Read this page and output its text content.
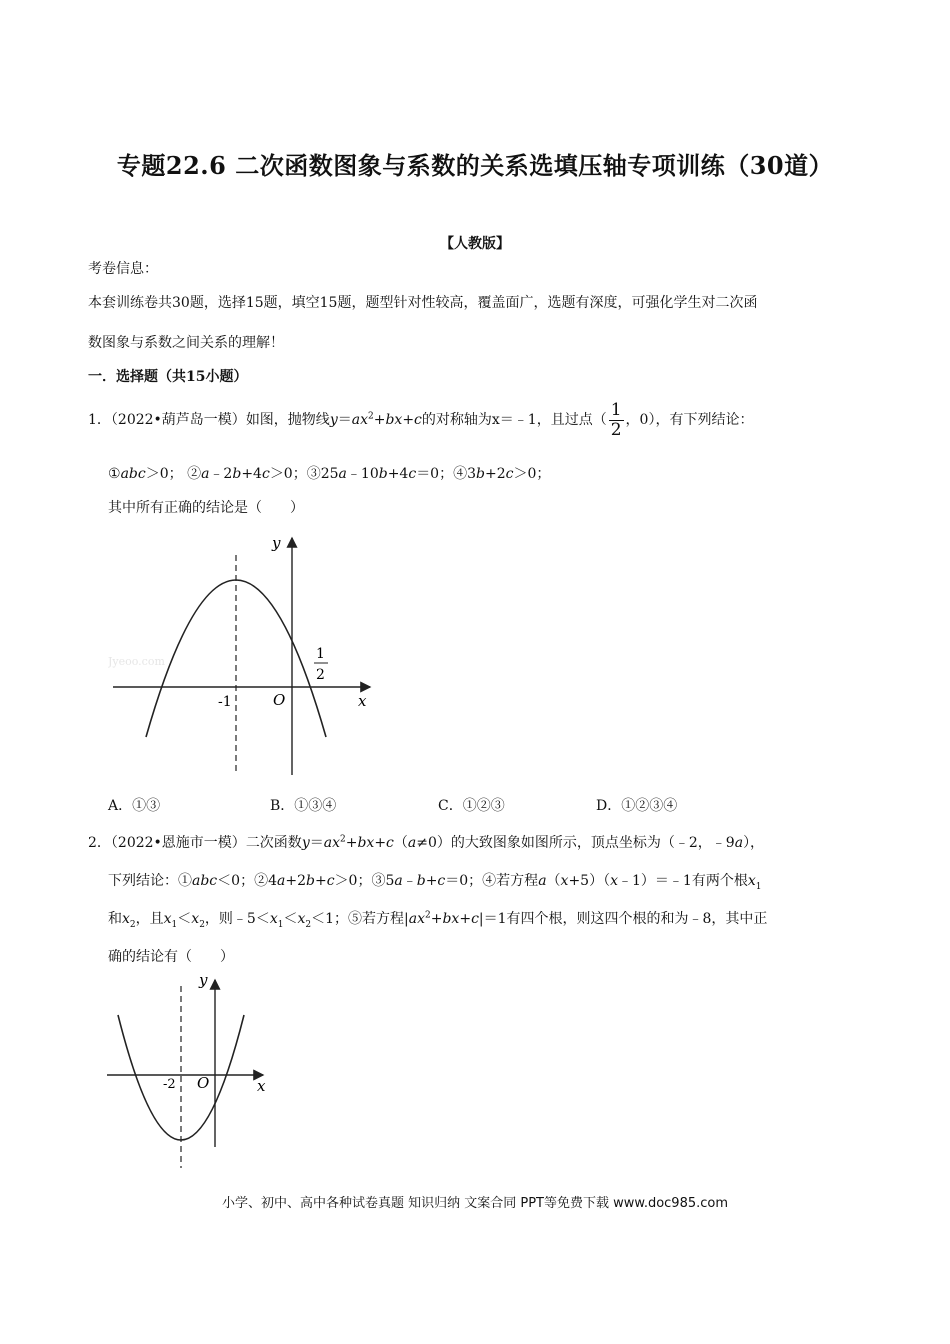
专题22.6 二次函数图象与系数的关系选填压轴专项训练（30道）
【人教版】
考卷信息：
本套训练卷共30题，选择15题，填空15题，题型针对性较高，覆盖面广，选题有深度，可强化学生对二次函
数图象与系数之间关系的理解！
一．选择题（共15小题）
1．（2022•葫芦岛一模）如图，抛物线$y=ax^2+bx+c$的对称轴为x＝﹣1，且过点（ $\frac{1}{2}$ ，0），有下列结论：
①abc＞0； ②a﹣2b+4c＞0；③25a﹣10b+4c＝0；④3b+2c＞0；
其中所有正确的结论是（　　）
Jyeoo.com
y
x
O
-1
1
2
A．①③	B．①③④	C．①②③	D．①②③④
2．（2022•恩施市一模）二次函数$y=ax^2+bx+c(a\ne 0)$的大致图象如图所示，顶点坐标为（﹣2，﹣9a），
下列结论：①abc＜0；②4a+2b+c＞0；③5a﹣b+c＝0；④若方程a（x+5）（x﹣1）＝﹣1有两个根$x_1$
和$x_2$，且$x_1<x_2$，则$﹣5<x_1<x_2<1$；⑤若方程$|ax^2+bx+c|=1$有四个根，则这四个根的和为﹣8，其中正
确的结论有（　　）
y
x
O
-2
小学、初中、高中各种试卷真题 知识归纳 文案合同 PPT等免费下载 www.doc985.com
